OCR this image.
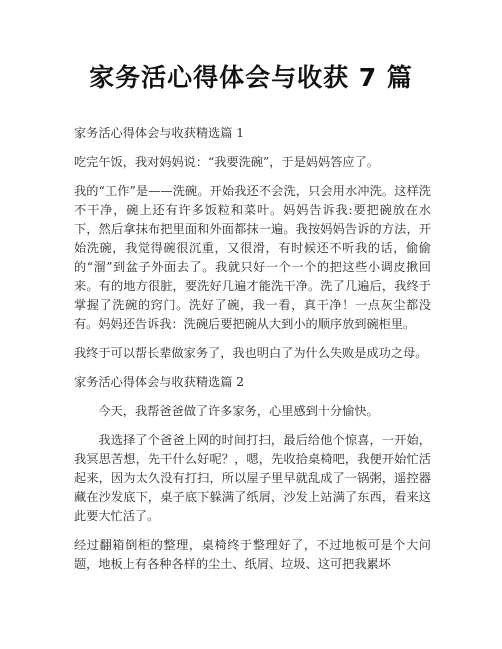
家务活心得体会与收获 7 篇

家务活心得体会与收获精选篇 1

吃完午饭，我对妈妈说：“我要洗碗”，于是妈妈答应了。

我的“工作”是——洗碗。开始我还不会洗，只会用水冲洗。这样洗不干净，碗上还有许多饭粒和菜叶。妈妈告诉我:要把碗放在水下，然后拿抹布把里面和外面都抹一遍。我按妈妈告诉的方法，开始洗碗，我觉得碗很沉重，又很滑，有时候还不听我的话，偷偷的“溜”到盆子外面去了。我就只好一个一个的把这些小调皮揪回来。有的地方很脏，要洗好几遍才能洗干净。洗了几遍后，我终于掌握了洗碗的窍门。洗好了碗，我一看，真干净！一点灰尘都没有。妈妈还告诉我：洗碗后要把碗从大到小的顺序放到碗柜里。

我终于可以帮长辈做家务了，我也明白了为什么失败是成功之母。

家务活心得体会与收获精选篇 2

今天，我帮爸爸做了许多家务，心里感到十分愉快。

我选择了个爸爸上网的时间打扫，最后给他个惊喜，一开始，我冥思苦想，先干什么好呢？，嗯，先收拾桌椅吧，我便开始忙活起来，因为太久没有打扫，所以屋子里早就乱成了一锅粥，遥控器藏在沙发底下，桌子底下躲满了纸屑，沙发上站满了东西，看来这此要大忙活了。

经过翻箱倒柜的整理，桌椅终于整理好了，不过地板可是个大问题，地板上有各种各样的尘土、纸屑、垃圾、这可把我累坏
